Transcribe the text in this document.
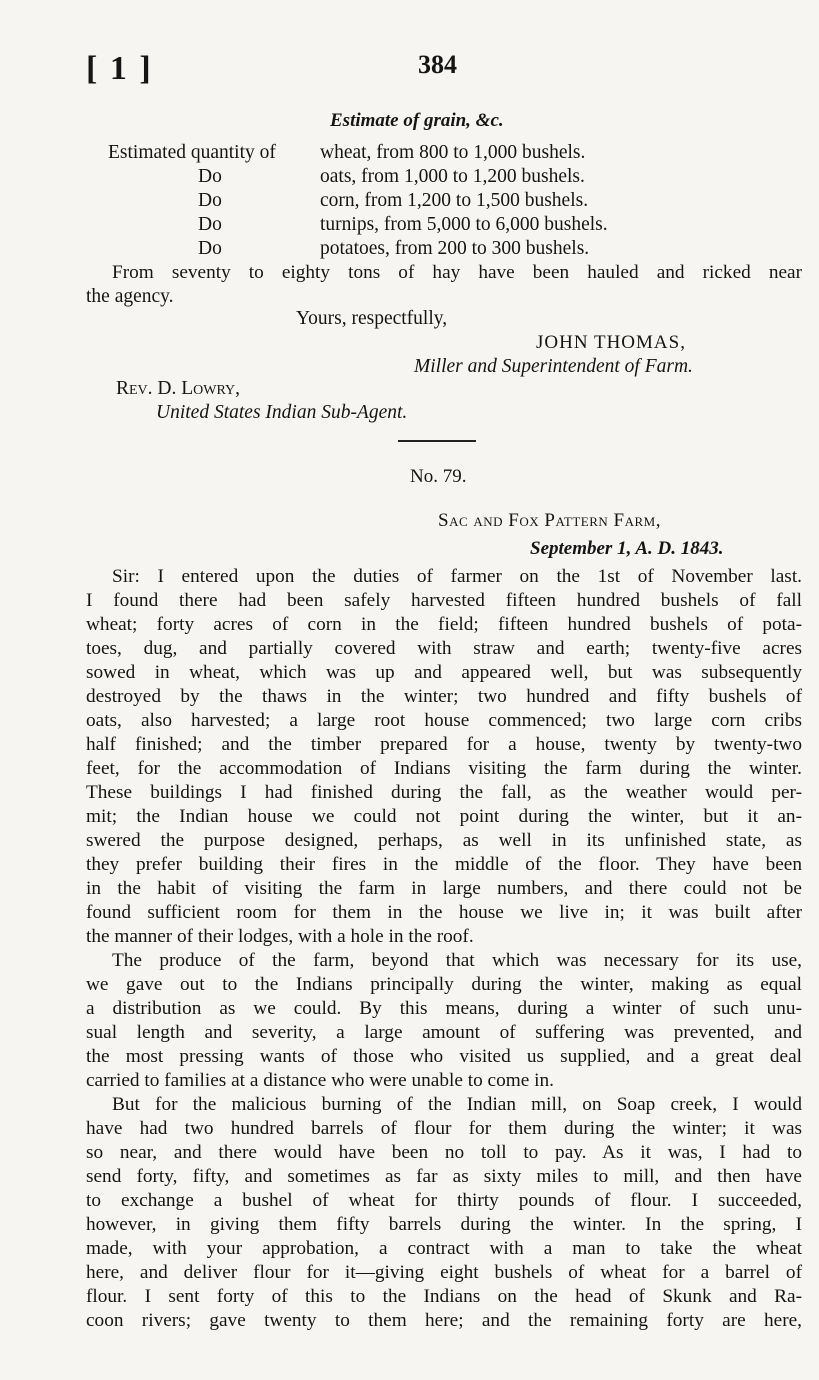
[ 1 ]	384
Estimate of grain, &c.
Estimated quantity of wheat, from 800 to 1,000 bushels.
Do	oats, from 1,000 to 1,200 bushels.
Do	corn, from 1,200 to 1,500 bushels.
Do	turnips, from 5,000 to 6,000 bushels.
Do	potatoes, from 200 to 300 bushels.
From seventy to eighty tons of hay have been hauled and ricked near
the agency.
Yours, respectfully,
JOHN THOMAS,
Miller and Superintendent of Farm.
Rev. D. Lowry,
United States Indian Sub-Agent.
No. 79.
Sac and Fox Pattern Farm,
September 1, A. D. 1843.
Sir: I entered upon the duties of farmer on the 1st of November last.
I found there had been safely harvested fifteen hundred bushels of fall
wheat; forty acres of corn in the field; fifteen hundred bushels of pota-
toes, dug, and partially covered with straw and earth; twenty-five acres
sowed in wheat, which was up and appeared well, but was subsequently
destroyed by the thaws in the winter; two hundred and fifty bushels of
oats, also harvested; a large root house commenced; two large corn cribs
half finished; and the timber prepared for a house, twenty by twenty-two
feet, for the accommodation of Indians visiting the farm during the winter.
These buildings I had finished during the fall, as the weather would per-
mit; the Indian house we could not point during the winter, but it an-
swered the purpose designed, perhaps, as well in its unfinished state, as
they prefer building their fires in the middle of the floor. They have been
in the habit of visiting the farm in large numbers, and there could not be
found sufficient room for them in the house we live in; it was built after
the manner of their lodges, with a hole in the roof.
The produce of the farm, beyond that which was necessary for its use,
we gave out to the Indians principally during the winter, making as equal
a distribution as we could. By this means, during a winter of such unu-
sual length and severity, a large amount of suffering was prevented, and
the most pressing wants of those who visited us supplied, and a great deal
carried to families at a distance who were unable to come in.
But for the malicious burning of the Indian mill, on Soap creek, I would
have had two hundred barrels of flour for them during the winter; it was
so near, and there would have been no toll to pay. As it was, I had to
send forty, fifty, and sometimes as far as sixty miles to mill, and then have
to exchange a bushel of wheat for thirty pounds of flour. I succeeded,
however, in giving them fifty barrels during the winter. In the spring, I
made, with your approbation, a contract with a man to take the wheat
here, and deliver flour for it—giving eight bushels of wheat for a barrel of
flour. I sent forty of this to the Indians on the head of Skunk and Ra-
coon rivers; gave twenty to them here; and the remaining forty are here,
